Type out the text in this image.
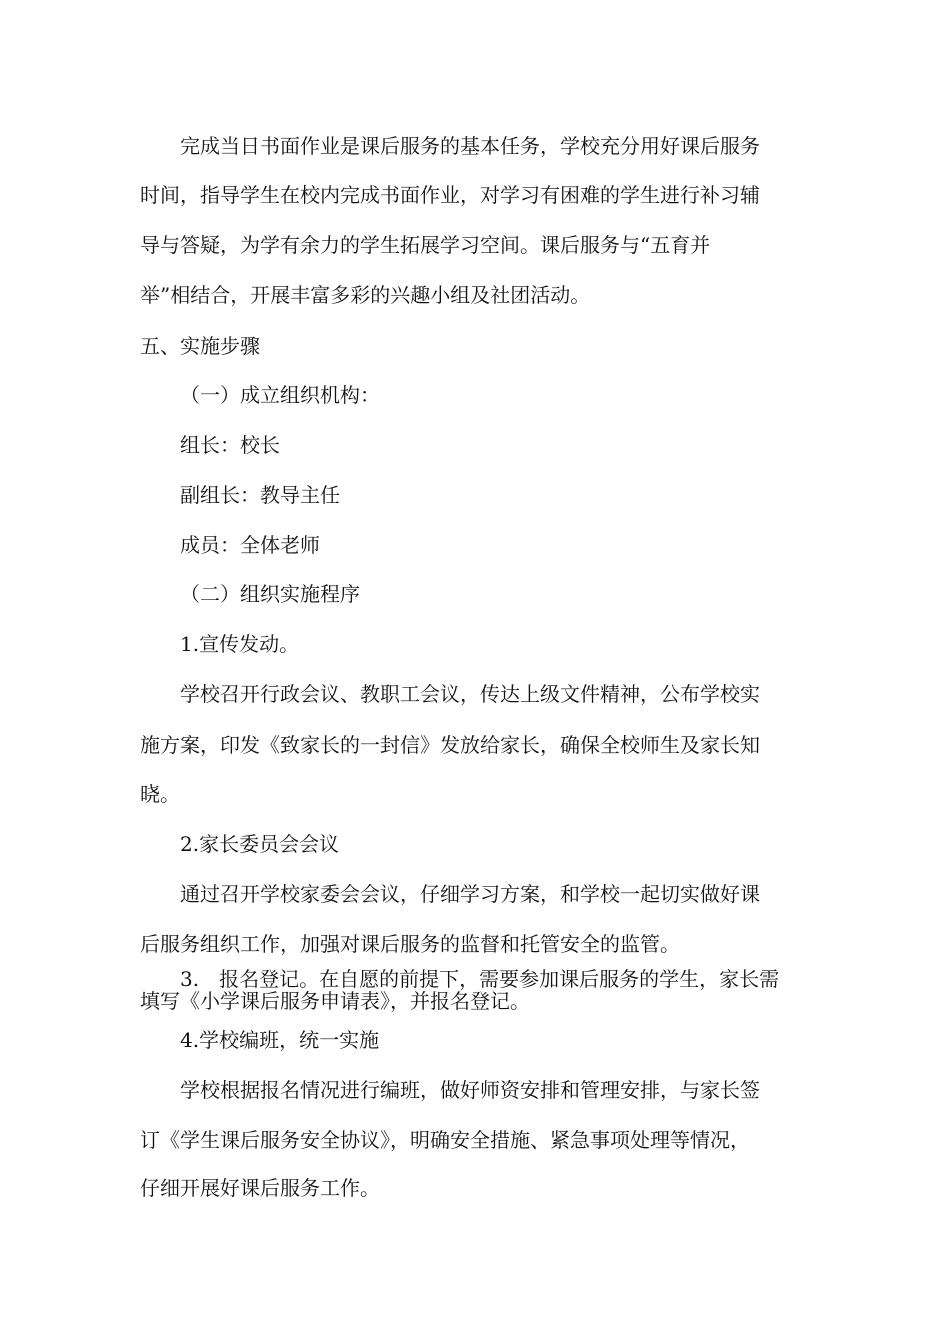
完成当日书面作业是课后服务的基本任务，学校充分用好课后服务
时间，指导学生在校内完成书面作业，对学习有困难的学生进行补习辅
导与答疑，为学有余力的学生拓展学习空间。课后服务与“五育并
举”相结合，开展丰富多彩的兴趣小组及社团活动。
五、实施步骤
（一）成立组织机构：
组长：校长
副组长：教导主任
成员：全体老师
（二）组织实施程序
1.宣传发动。
学校召开行政会议、教职工会议，传达上级文件精神，公布学校实
施方案，印发《致家长的一封信》发放给家长，确保全校师生及家长知
晓。
2.家长委员会会议
通过召开学校家委会会议，仔细学习方案，和学校一起切实做好课
后服务组织工作，加强对课后服务的监督和托管安全的监管。
3.　报名登记。在自愿的前提下，需要参加课后服务的学生，家长需
填写《小学课后服务申请表》，并报名登记。
4.学校编班，统一实施
学校根据报名情况进行编班，做好师资安排和管理安排，与家长签
订《学生课后服务安全协议》，明确安全措施、紧急事项处理等情况，
仔细开展好课后服务工作。
